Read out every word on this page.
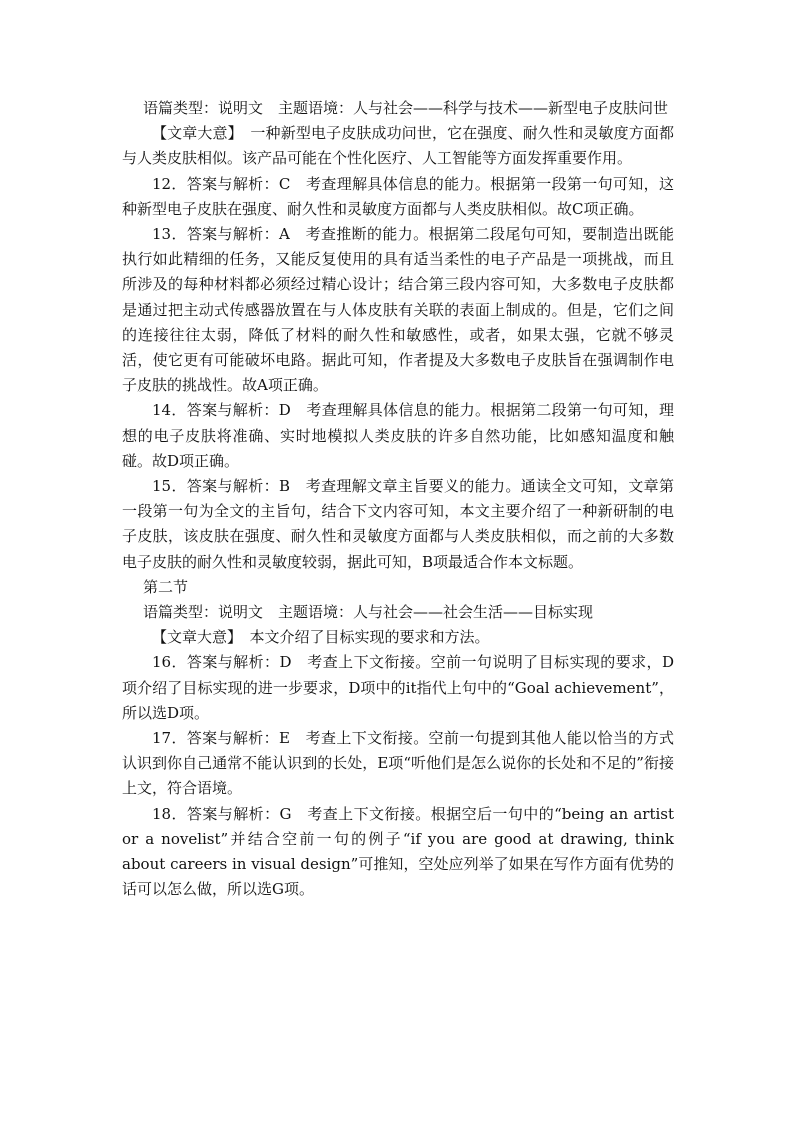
语篇类型：说明文　主题语境：人与社会——科学与技术——新型电子皮肤问世

【文章大意】　一种新型电子皮肤成功问世，它在强度、耐久性和灵敏度方面都与人类皮肤相似。该产品可能在个性化医疗、人工智能等方面发挥重要作用。

12．答案与解析：C　考查理解具体信息的能力。根据第一段第一句可知，这种新型电子皮肤在强度、耐久性和灵敏度方面都与人类皮肤相似。故C项正确。

13．答案与解析：A　考查推断的能力。根据第二段尾句可知，要制造出既能执行如此精细的任务，又能反复使用的具有适当柔性的电子产品是一项挑战，而且所涉及的每种材料都必须经过精心设计；结合第三段内容可知，大多数电子皮肤都是通过把主动式传感器放置在与人体皮肤有关联的表面上制成的。但是，它们之间的连接往往太弱，降低了材料的耐久性和敏感性，或者，如果太强，它就不够灵活，使它更有可能破坏电路。据此可知，作者提及大多数电子皮肤旨在强调制作电子皮肤的挑战性。故A项正确。

14．答案与解析：D　考查理解具体信息的能力。根据第二段第一句可知，理想的电子皮肤将准确、实时地模拟人类皮肤的许多自然功能，比如感知温度和触碰。故D项正确。

15．答案与解析：B　考查理解文章主旨要义的能力。通读全文可知，文章第一段第一句为全文的主旨句，结合下文内容可知，本文主要介绍了一种新研制的电子皮肤，该皮肤在强度、耐久性和灵敏度方面都与人类皮肤相似，而之前的大多数电子皮肤的耐久性和灵敏度较弱，据此可知，B项最适合作本文标题。

第二节

语篇类型：说明文　主题语境：人与社会——社会生活——目标实现

【文章大意】　本文介绍了目标实现的要求和方法。

16．答案与解析：D　考查上下文衔接。空前一句说明了目标实现的要求，D项介绍了目标实现的进一步要求，D项中的it指代上句中的“Goal achievement”，所以选D项。

17．答案与解析：E　考查上下文衔接。空前一句提到其他人能以恰当的方式认识到你自己通常不能认识到的长处，E项“听他们是怎么说你的长处和不足的”衔接上文，符合语境。

18．答案与解析：G　考查上下文衔接。根据空后一句中的“being an artist or a novelist”并结合空前一句的例子“if you are good at drawing, think about careers in visual design”可推知，空处应列举了如果在写作方面有优势的话可以怎么做，所以选G项。
